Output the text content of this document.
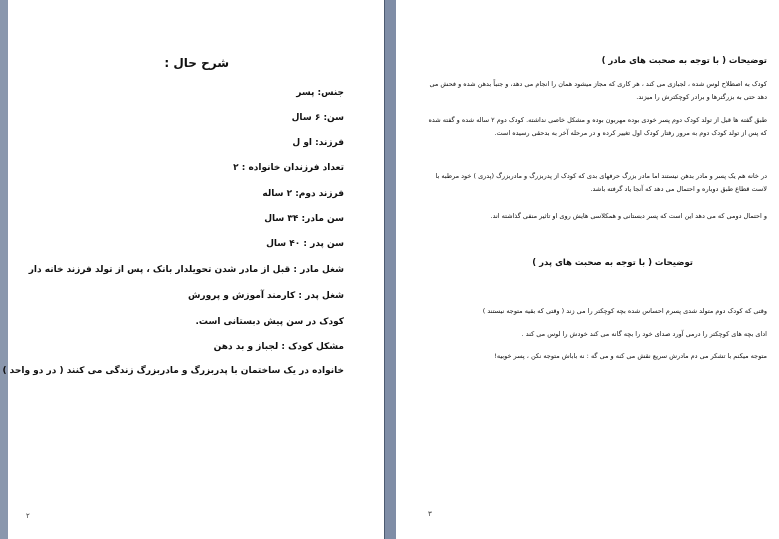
شرح حال :
جنس: پسر
سن: ۶ سال
فرزند: او ل
تعداد فرزندان خانواده : ۲
فرزند دوم: ۲ ساله
سن مادر: ۳۴ سال
سن پدر : ۴۰ سال
شغل مادر : قبل از مادر شدن تحویلدار بانک ، پس از تولد فرزند خانه دار
شغل پدر : کارمند آموزش و پرورش
کودک در سن پیش دبستانی است.
مشکل کودک : لجباز و بد دهن
خانواده در یک ساختمان با پدربزرگ و مادربزرگ زندگی می کنند ( در دو واحد )
۲
توضیحات ( با توجه به صحبت های مادر )
کودک به اصطلاح لوس شده ، لجبازی می کند ، هر کاری که مجاز میشود همان را انجام می دهد، و جنباً بدهن شده و فحش می دهد حتی به بزرگترها و برادر کوچکترش را میزند.
طبق گفته ها قبل از تولد کودک دوم پسر خودی بوده مهربون بوده و مشکل خاصی نداشته. کودک دوم ۲ ساله شده و گفته شده که پس از تولد کودک دوم به مرور رفتار کودک اول تغییر کرده و در مرحله آخر به بدحقی رسیده است.
در خانه هم یک پسر و مادر بدهن نیستند اما مادر بزرگ حرفهای بدی که کودک از پدربزرگ و مادربزرگ (پدری ) خود مرطبه با لاست قطاع طبق دوباره و احتمال می دهد که آنجا یاد گرفته باشد.
و احتمال دومی که می دهد این است که پسر دبستانی و همکلاسی هایش روی او تاثیر منفی گذاشته اند.
توضیحات ( با توجه به صحبت های پدر )
وقتی که کودک دوم متولد شدی پسرم احساس شده بچه کوچکتر را می زند ( وقتی که بقیه متوجه نیستند )
ادای بچه های کوچکتر را درمی آورد صدای خود را بچه گانه می کند خودش را لوس می کند .
متوجه میکنم با تشکر می دم مادرش سریع نقش می کنه و می گه : نه باباش متوجه نکن ، پسر خوبیه!
۳
